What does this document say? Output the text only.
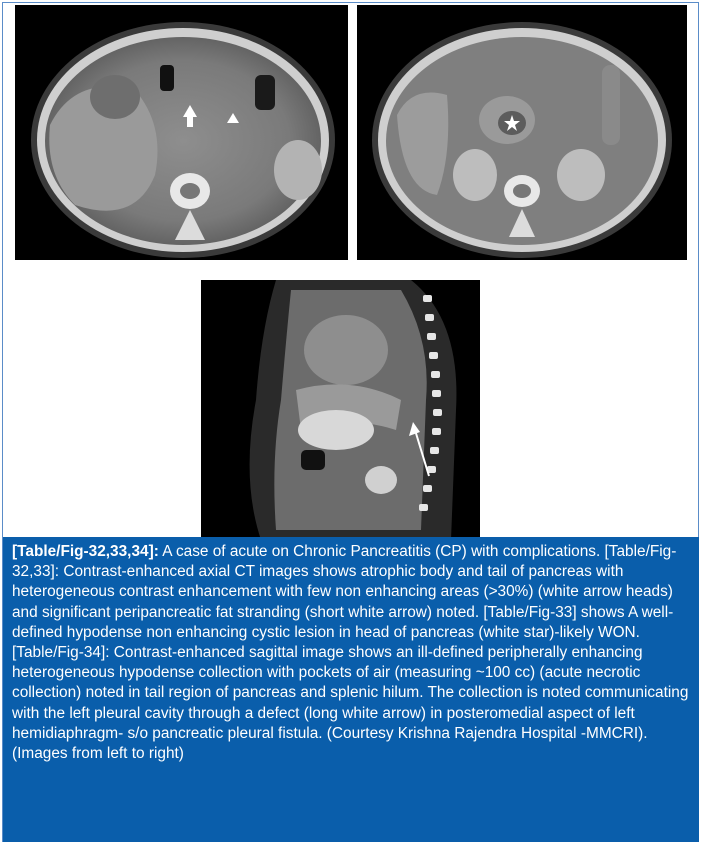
[Table/Fig-32,33,34]: A case of acute on Chronic Pancreatitis (CP) with complications. [Table/Fig-32,33]: Contrast-enhanced axial CT images shows atrophic body and tail of pancreas with heterogeneous contrast enhancement with few non enhancing areas (>30%) (white arrow heads) and significant peripancreatic fat stranding (short white arrow) noted. [Table/Fig-33] shows A well-defined hypodense non enhancing cystic lesion in head of pancreas (white star)-likely WON. [Table/Fig-34]: Contrast-enhanced sagittal image shows an ill-defined peripherally enhancing heterogeneous hypodense collection with pockets of air (measuring ~100 cc) (acute necrotic collection) noted in tail region of pancreas and splenic hilum. The collection is noted communicating with the left pleural cavity through a defect (long white arrow) in posteromedial aspect of left hemidiaphragm- s/o pancreatic pleural fistula. (Courtesy Krishna Rajendra Hospital -MMCRI). (Images from left to right)
